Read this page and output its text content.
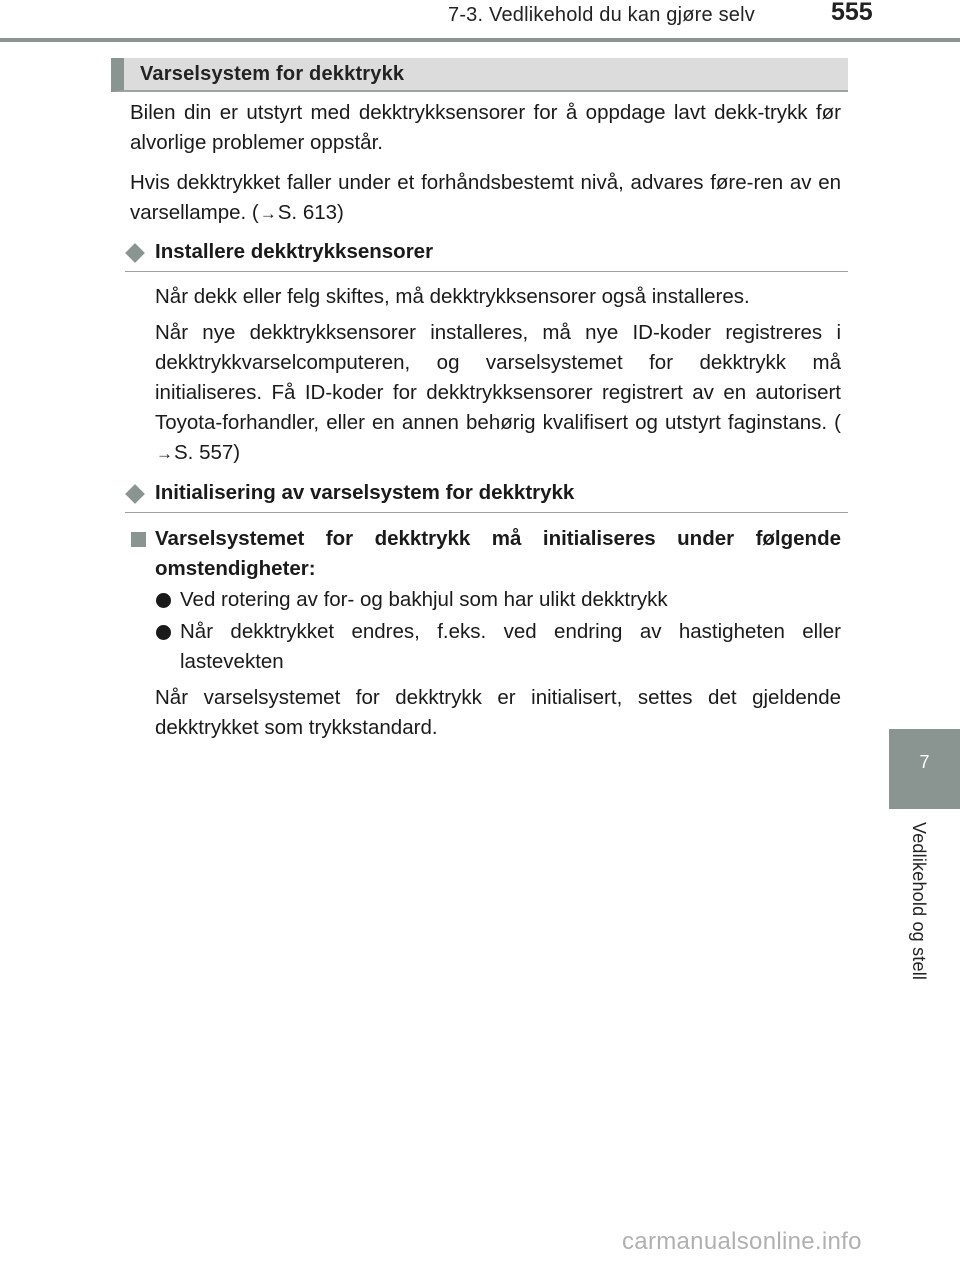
7-3. Vedlikehold du kan gjøre selv	555
Varselsystem for dekktrykk

Bilen din er utstyrt med dekktrykksensorer for å oppdage lavt dekk-trykk før alvorlige problemer oppstår.

Hvis dekktrykket faller under et forhåndsbestemt nivå, advares føre-ren av en varsellampe. (→S. 613)

Installere dekktrykksensorer

Når dekk eller felg skiftes, må dekktrykksensorer også installeres.

Når nye dekktrykksensorer installeres, må nye ID-koder registreres i dekktrykkvarselcomputeren, og varselsystemet for dekktrykk må initialiseres. Få ID-koder for dekktrykksensorer registrert av en autorisert Toyota-forhandler, eller en annen behørig kvalifisert og utstyrt faginstans. (→S. 557)

Initialisering av varselsystem for dekktrykk

Varselsystemet for dekktrykk må initialiseres under følgende omstendigheter:

Ved rotering av for- og bakhjul som har ulikt dekktrykk

Når dekktrykket endres, f.eks. ved endring av hastigheten eller lastevekten

Når varselsystemet for dekktrykk er initialisert, settes det gjeldende dekktrykket som trykkstandard.

7
Vedlikehold og stell
carmanualsonline.info
